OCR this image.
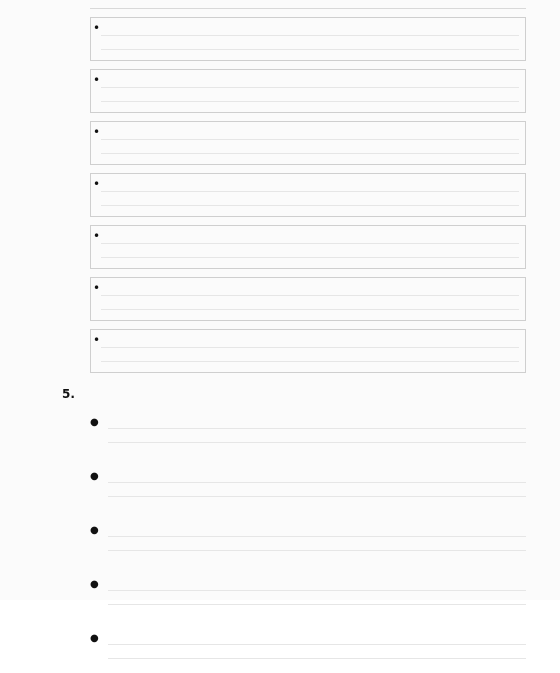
•
•
•
•
•
•
•
5.
●
●
●
●
●
